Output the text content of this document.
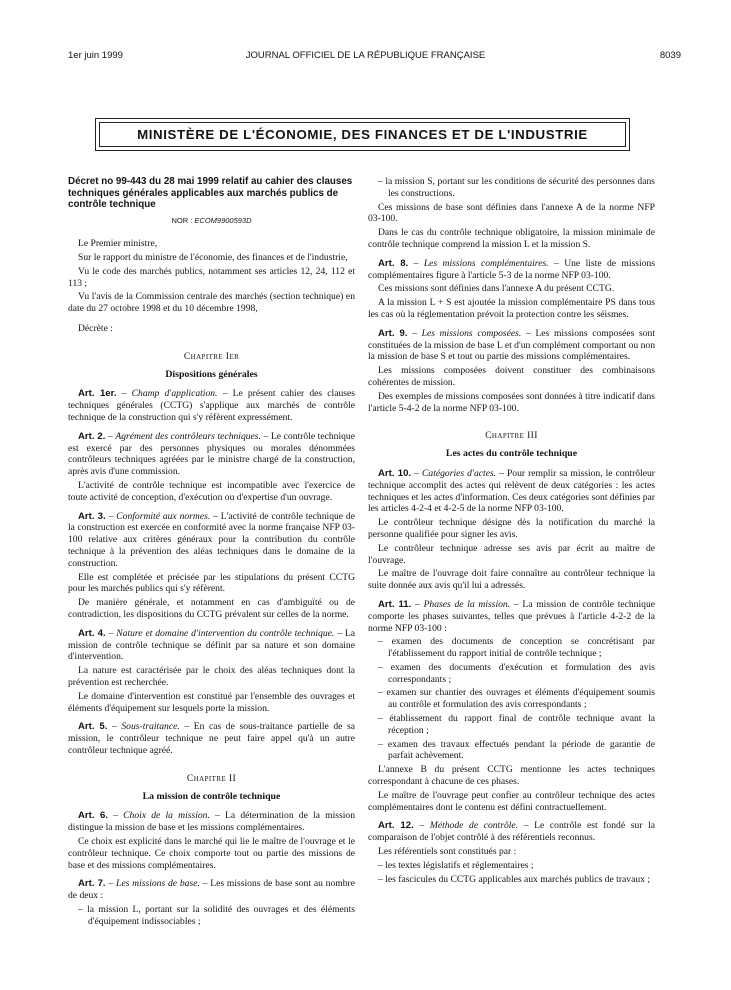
1er juin 1999	JOURNAL OFFICIEL DE LA RÉPUBLIQUE FRANÇAISE	8039
MINISTÈRE DE L'ÉCONOMIE, DES FINANCES ET DE L'INDUSTRIE
Décret no 99-443 du 28 mai 1999 relatif au cahier des clauses techniques générales applicables aux marchés publics de contrôle technique
NOR : ECOM9900593D

Le Premier ministre,

Sur le rapport du ministre de l'économie, des finances et de l'industrie,

Vu le code des marchés publics, notamment ses articles 12, 24, 112 et 113 ;

Vu l'avis de la Commission centrale des marchés (section technique) en date du 27 octobre 1998 et du 10 décembre 1998,

Décrète :

Chapitre Ier
Dispositions générales

Art. 1er. – Champ d'application. – Le présent cahier des clauses techniques générales (CCTG) s'applique aux marchés de contrôle technique de la construction qui s'y réfèrent expressément.

Art. 2. – Agrément des contrôleurs techniques. – Le contrôle technique est exercé par des personnes physiques ou morales dénommées contrôleurs techniques agréées par le ministre chargé de la construction, après avis d'une commission.

L'activité de contrôle technique est incompatible avec l'exercice de toute activité de conception, d'exécution ou d'expertise d'un ouvrage.

Art. 3. – Conformité aux normes. – L'activité de contrôle technique de la construction est exercée en conformité avec la norme française NFP 03-100 relative aux critères généraux pour la contribution du contrôle technique à la prévention des aléas techniques dans le domaine de la construction.

Elle est complétée et précisée par les stipulations du présent CCTG pour les marchés publics qui s'y réfèrent.

De manière générale, et notamment en cas d'ambiguïté ou de contradiction, les dispositions du CCTG prévalent sur celles de la norme.

Art. 4. – Nature et domaine d'intervention du contrôle technique. – La mission de contrôle technique se définit par sa nature et son domaine d'intervention.

La nature est caractérisée par le choix des aléas techniques dont la prévention est recherchée.

Le domaine d'intervention est constitué par l'ensemble des ouvrages et éléments d'équipement sur lesquels porte la mission.

Art. 5. – Sous-traitance. – En cas de sous-traitance partielle de sa mission, le contrôleur technique ne peut faire appel qu'à un autre contrôleur technique agréé.

Chapitre II
La mission de contrôle technique

Art. 6. – Choix de la mission. – La détermination de la mission distingue la mission de base et les missions complémentaires.

Ce choix est explicité dans le marché qui lie le maître de l'ouvrage et le contrôleur technique. Ce choix comporte tout ou partie des missions de base et des missions complémentaires.

Art. 7. – Les missions de base. – Les missions de base sont au nombre de deux :

– la mission L, portant sur la solidité des ouvrages et des éléments d'équipement indissociables ;

– la mission S, portant sur les conditions de sécurité des personnes dans les constructions.

Ces missions de base sont définies dans l'annexe A de la norme NFP 03-100.

Dans le cas du contrôle technique obligatoire, la mission minimale de contrôle technique comprend la mission L et la mission S.

Art. 8. – Les missions complémentaires. – Une liste de missions complémentaires figure à l'article 5-3 de la norme NFP 03-100.

Ces missions sont définies dans l'annexe A du présent CCTG.

A la mission L + S est ajoutée la mission complémentaire PS dans tous les cas où la réglementation prévoit la protection contre les séismes.

Art. 9. – Les missions composées. – Les missions composées sont constituées de la mission de base L et d'un complément comportant ou non la mission de base S et tout ou partie des missions complémentaires.

Les missions composées doivent constituer des combinaisons cohérentes de mission.

Des exemples de missions composées sont données à titre indicatif dans l'article 5-4-2 de la norme NFP 03-100.

Chapitre III
Les actes du contrôle technique

Art. 10. – Catégories d'actes. – Pour remplir sa mission, le contrôleur technique accomplit des actes qui relèvent de deux catégories : les actes techniques et les actes d'information. Ces deux catégories sont définies par les articles 4-2-4 et 4-2-5 de la norme NFP 03-100.

Le contrôleur technique désigne dès la notification du marché la personne qualifiée pour signer les avis.

Le contrôleur technique adresse ses avis par écrit au maître de l'ouvrage.

Le maître de l'ouvrage doit faire connaître au contrôleur technique la suite donnée aux avis qu'il lui a adressés.

Art. 11. – Phases de la mission. – La mission de contrôle technique comporte les phases suivantes, telles que prévues à l'article 4-2-2 de la norme NFP 03-100 :

– examen des documents de conception se concrétisant par l'établissement du rapport initial de contrôle technique ;

– examen des documents d'exécution et formulation des avis correspondants ;

– examen sur chantier des ouvrages et éléments d'équipement soumis au contrôle et formulation des avis correspondants ;

– établissement du rapport final de contrôle technique avant la réception ;

– examen des travaux effectués pendant la période de garantie de parfait achèvement.

L'annexe B du présent CCTG mentionne les actes techniques correspondant à chacune de ces phases.

Le maître de l'ouvrage peut confier au contrôleur technique des actes complémentaires dont le contenu est défini contractuellement.

Art. 12. – Méthode de contrôle. – Le contrôle est fondé sur la comparaison de l'objet contrôlé à des référentiels reconnus.

Les référentiels sont constitués par :

– les textes législatifs et réglementaires ;

– les fascicules du CCTG applicables aux marchés publics de travaux ;
